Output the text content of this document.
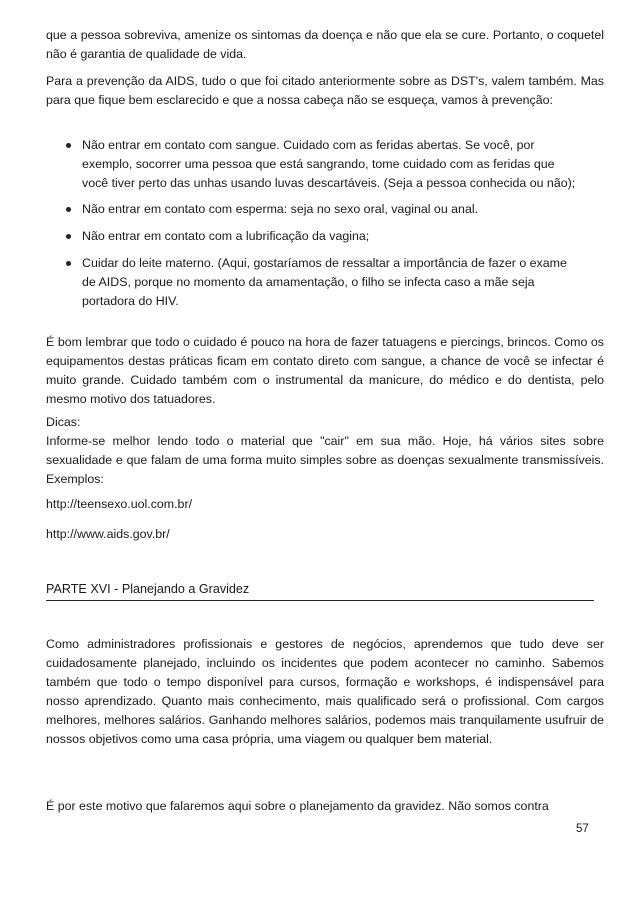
que a pessoa sobreviva, amenize os sintomas da doença e não que ela se cure. Portanto, o coquetel não é garantia de qualidade de vida.

Para a prevenção da AIDS, tudo o que foi citado anteriormente sobre as DST's, valem também. Mas para que fique bem esclarecido e que a nossa cabeça não se esqueça, vamos à prevenção:

Não entrar em contato com sangue. Cuidado com as feridas abertas. Se você, por exemplo, socorrer uma pessoa que está sangrando, tome cuidado com as feridas que você tiver perto das unhas usando luvas descartáveis. (Seja a pessoa conhecida ou não);
Não entrar em contato com esperma: seja no sexo oral, vaginal ou anal.
Não entrar em contato com a lubrificação da vagina;
Cuidar do leite materno. (Aqui, gostaríamos de ressaltar a importância de fazer o exame de AIDS, porque no momento da amamentação, o filho se infecta caso a mãe seja portadora do HIV.

É bom lembrar que todo o cuidado é pouco na hora de fazer tatuagens e piercings, brincos. Como os equipamentos destas práticas ficam em contato direto com sangue, a chance de você se infectar é muito grande. Cuidado também com o instrumental da manicure, do médico e do dentista, pelo mesmo motivo dos tatuadores.

Dicas:

Informe-se melhor lendo todo o material que "cair" em sua mão. Hoje, há vários sites sobre sexualidade e que falam de uma forma muito simples sobre as doenças sexualmente transmissíveis. Exemplos:

http://teensexo.uol.com.br/

http://www.aids.gov.br/

PARTE XVI - Planejando a Gravidez

Como administradores profissionais e gestores de negócios, aprendemos que tudo deve ser cuidadosamente planejado, incluindo os incidentes que podem acontecer no caminho. Sabemos também que todo o tempo disponível para cursos, formação e workshops, é indispensável para nosso aprendizado. Quanto mais conhecimento, mais qualificado será o profissional. Com cargos melhores, melhores salários. Ganhando melhores salários, podemos mais tranquilamente usufruir de nossos objetivos como uma casa própria, uma viagem ou qualquer bem material.

É por este motivo que falaremos aqui sobre o planejamento da gravidez. Não somos contra

57
